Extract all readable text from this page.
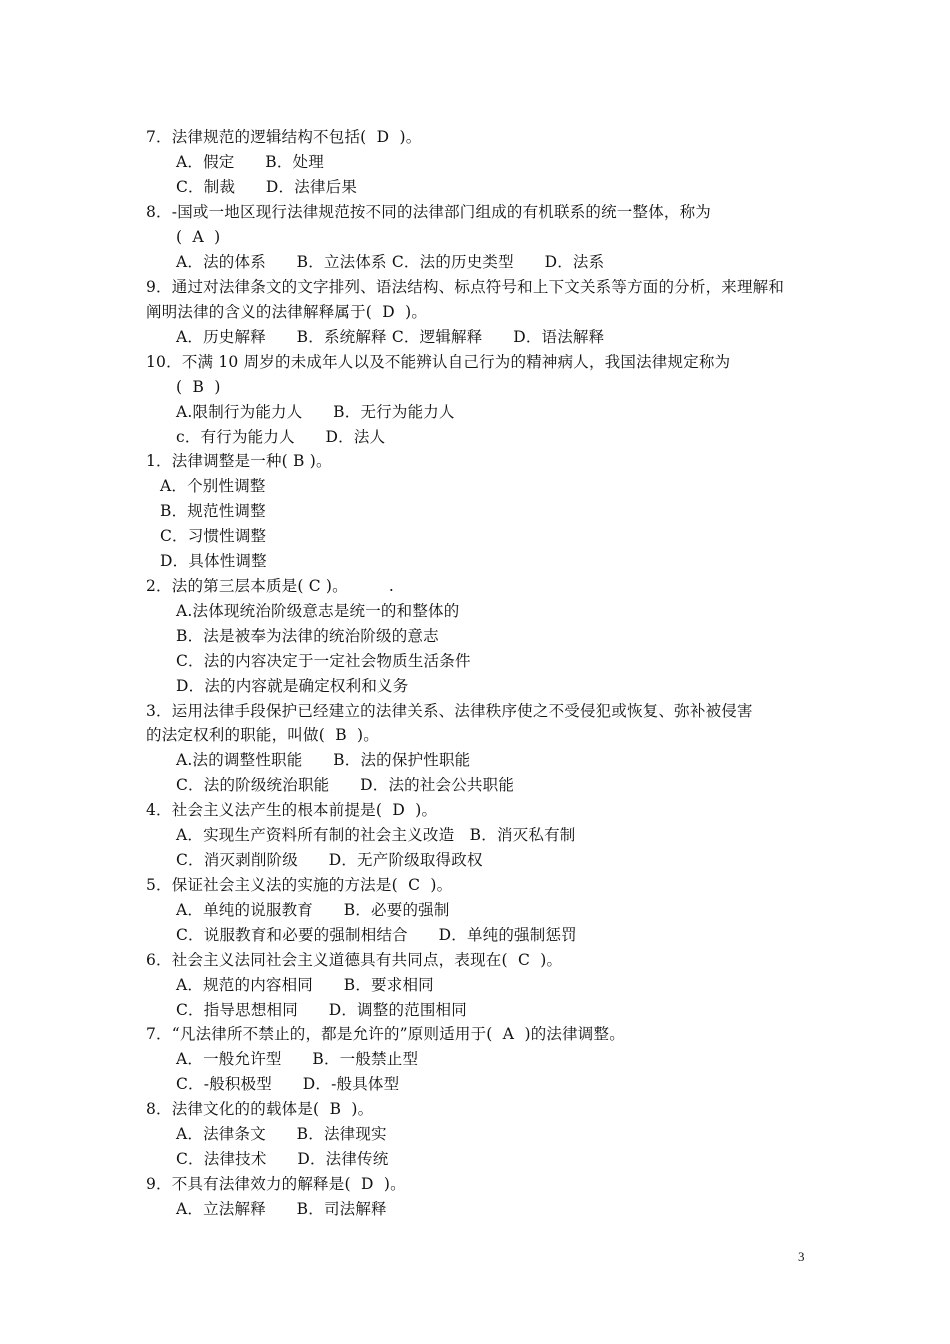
7．法律规范的逻辑结构不包括(  D  )。
A．假定      B．处理
C．制裁      D．法律后果
8．-国或一地区现行法律规范按不同的法律部门组成的有机联系的统一整体，称为
(  A  )
A．法的体系      B．立法体系 C．法的历史类型      D．法系
9．通过对法律条文的文字排列、语法结构、标点符号和上下文关系等方面的分析，来理解和
阐明法律的含义的法律解释属于(  D  )。
A．历史解释      B．系统解释 C．逻辑解释      D．语法解释
10．不满 10 周岁的未成年人以及不能辨认自己行为的精神病人，我国法律规定称为
(  B  )
A.限制行为能力人      B．无行为能力人
c．有行为能力人      D．法人
1．法律调整是一种( B )。
A．个别性调整
B．规范性调整
C．习惯性调整
D．具体性调整
2．法的第三层本质是( C )。        .
A.法体现统治阶级意志是统一的和整体的
B．法是被奉为法律的统治阶级的意志
C．法的内容决定于一定社会物质生活条件
D．法的内容就是确定权利和义务
3．运用法律手段保护已经建立的法律关系、法律秩序使之不受侵犯或恢复、弥补被侵害
的法定权利的职能，叫做(  B  )。
A.法的调整性职能      B．法的保护性职能
C．法的阶级统治职能      D．法的社会公共职能
4．社会主义法产生的根本前提是(  D  )。
A．实现生产资料所有制的社会主义改造   B．消灭私有制
C．消灭剥削阶级      D．无产阶级取得政权
5．保证社会主义法的实施的方法是(  C  )。
A．单纯的说服教育      B．必要的强制
C．说服教育和必要的强制相结合      D．单纯的强制惩罚
6．社会主义法同社会主义道德具有共同点，表现在(  C  )。
A．规范的内容相同      B．要求相同
C．指导思想相同      D．调整的范围相同
7．“凡法律所不禁止的，都是允许的”原则适用于(  A  )的法律调整。
A．一般允许型      B．一般禁止型
C．-般积极型      D．-般具体型
8．法律文化的的载体是(  B  )。
A．法律条文      B．法律现实
C．法律技术      D．法律传统
9．不具有法律效力的解释是(  D  )。
A．立法解释      B．司法解释
3
